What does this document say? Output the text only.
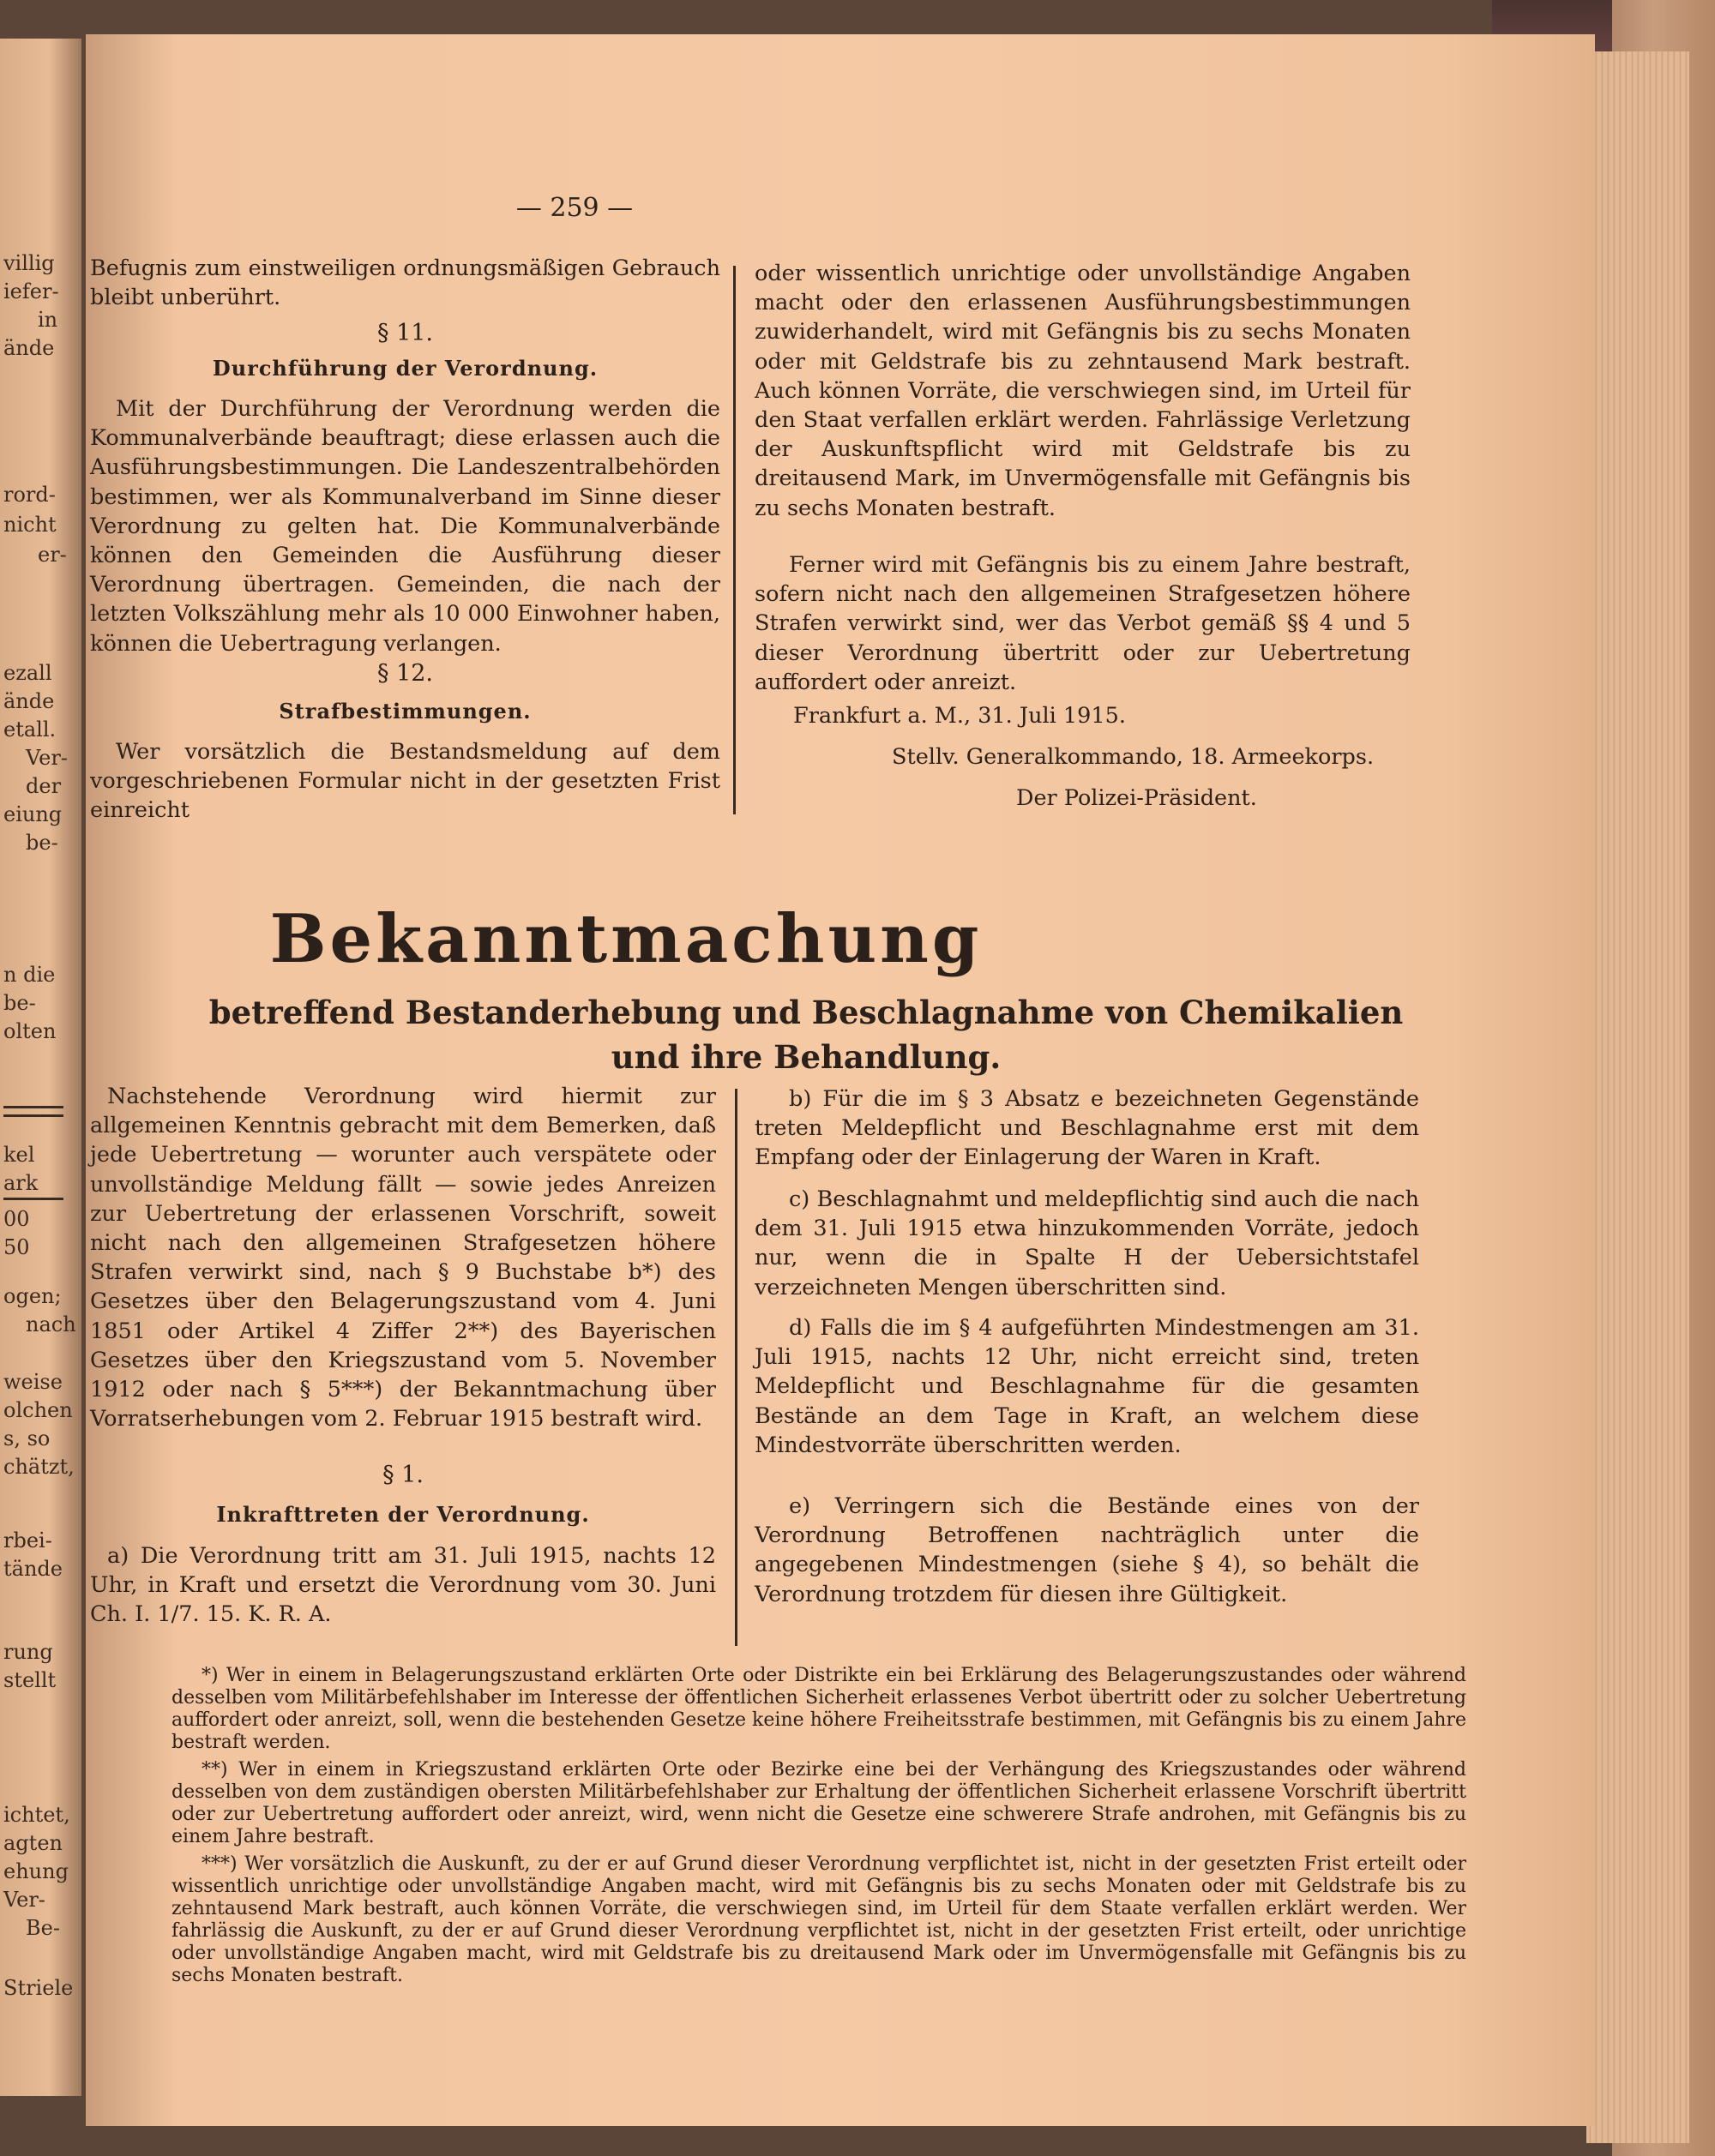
villig
iefer-
in
ände
rord-
nicht
er-
ezall
ände
etall.
Ver-
der
eiung
be-
n die
be-
olten
kel
ark
00
50
ogen;
nach
weise
olchen
s, so
chätzt,
rbei-
tände
rung
stellt
ichtet,
agten
ehung
Ver-
Be-
Striele
— 259 —

Befugnis zum einstweiligen ordnungsmäßigen Gebrauch bleibt unberührt.

§ 11.

Durchführung der Verordnung.

Mit der Durchführung der Verordnung werden die Kommunalverbände beauftragt; diese erlassen auch die Ausführungsbestimmungen. Die Landeszentralbehörden bestimmen, wer als Kommunalverband im Sinne dieser Verordnung zu gelten hat. Die Kommunalverbände können den Gemeinden die Ausführung dieser Verordnung übertragen. Gemeinden, die nach der letzten Volkszählung mehr als 10 000 Einwohner haben, können die Uebertragung verlangen.

§ 12.

Strafbestimmungen.

Wer vorsätzlich die Bestandsmeldung auf dem vorgeschriebenen Formular nicht in der gesetzten Frist einreicht

oder wissentlich unrichtige oder unvollständige Angaben macht oder den erlassenen Ausführungsbestimmungen zuwiderhandelt, wird mit Gefängnis bis zu sechs Monaten oder mit Geldstrafe bis zu zehntausend Mark bestraft. Auch können Vorräte, die verschwiegen sind, im Urteil für den Staat verfallen erklärt werden. Fahrlässige Verletzung der Auskunftspflicht wird mit Geldstrafe bis zu dreitausend Mark, im Unvermögensfalle mit Gefängnis bis zu sechs Monaten bestraft.

Ferner wird mit Gefängnis bis zu einem Jahre bestraft, sofern nicht nach den allgemeinen Strafgesetzen höhere Strafen verwirkt sind, wer das Verbot gemäß §§ 4 und 5 dieser Verordnung übertritt oder zur Uebertretung auffordert oder anreizt.

Frankfurt a. M., 31. Juli 1915.

Stellv. Generalkommando, 18. Armeekorps.

Der Polizei-Präsident.

Bekanntmachung

betreffend Bestanderhebung und Beschlagnahme von Chemikalien und ihre Behandlung.

Nachstehende Verordnung wird hiermit zur allgemeinen Kenntnis gebracht mit dem Bemerken, daß jede Uebertretung — worunter auch verspätete oder unvollständige Meldung fällt — sowie jedes Anreizen zur Uebertretung der erlassenen Vorschrift, soweit nicht nach den allgemeinen Strafgesetzen höhere Strafen verwirkt sind, nach § 9 Buchstabe b*) des Gesetzes über den Belagerungszustand vom 4. Juni 1851 oder Artikel 4 Ziffer 2**) des Bayerischen Gesetzes über den Kriegszustand vom 5. November 1912 oder nach § 5***) der Bekanntmachung über Vorratserhebungen vom 2. Februar 1915 bestraft wird.

§ 1.

Inkrafttreten der Verordnung.

a) Die Verordnung tritt am 31. Juli 1915, nachts 12 Uhr, in Kraft und ersetzt die Verordnung vom 30. Juni Ch. I. 1/7. 15. K. R. A.

b) Für die im § 3 Absatz e bezeichneten Gegenstände treten Meldepflicht und Beschlagnahme erst mit dem Empfang oder der Einlagerung der Waren in Kraft.

c) Beschlagnahmt und meldepflichtig sind auch die nach dem 31. Juli 1915 etwa hinzukommenden Vorräte, jedoch nur, wenn die in Spalte H der Uebersichtstafel verzeichneten Mengen überschritten sind.

d) Falls die im § 4 aufgeführten Mindestmengen am 31. Juli 1915, nachts 12 Uhr, nicht erreicht sind, treten Meldepflicht und Beschlagnahme für die gesamten Bestände an dem Tage in Kraft, an welchem diese Mindestvorräte überschritten werden.

e) Verringern sich die Bestände eines von der Verordnung Betroffenen nachträglich unter die angegebenen Mindestmengen (siehe § 4), so behält die Verordnung trotzdem für diesen ihre Gültigkeit.

*) Wer in einem in Belagerungszustand erklärten Orte oder Distrikte ein bei Erklärung des Belagerungszustandes oder während desselben vom Militärbefehlshaber im Interesse der öffentlichen Sicherheit erlassenes Verbot übertritt oder zu solcher Uebertretung auffordert oder anreizt, soll, wenn die bestehenden Gesetze keine höhere Freiheitsstrafe bestimmen, mit Gefängnis bis zu einem Jahre bestraft werden.

**) Wer in einem in Kriegszustand erklärten Orte oder Bezirke eine bei der Verhängung des Kriegszustandes oder während desselben von dem zuständigen obersten Militärbefehlshaber zur Erhaltung der öffentlichen Sicherheit erlassene Vorschrift übertritt oder zur Uebertretung auffordert oder anreizt, wird, wenn nicht die Gesetze eine schwerere Strafe androhen, mit Gefängnis bis zu einem Jahre bestraft.

***) Wer vorsätzlich die Auskunft, zu der er auf Grund dieser Verordnung verpflichtet ist, nicht in der gesetzten Frist erteilt oder wissentlich unrichtige oder unvollständige Angaben macht, wird mit Gefängnis bis zu sechs Monaten oder mit Geldstrafe bis zu zehntausend Mark bestraft, auch können Vorräte, die verschwiegen sind, im Urteil für dem Staate verfallen erklärt werden. Wer fahrlässig die Auskunft, zu der er auf Grund dieser Verordnung verpflichtet ist, nicht in der gesetzten Frist erteilt, oder unrichtige oder unvollständige Angaben macht, wird mit Geldstrafe bis zu dreitausend Mark oder im Unvermögensfalle mit Gefängnis bis zu sechs Monaten bestraft.
